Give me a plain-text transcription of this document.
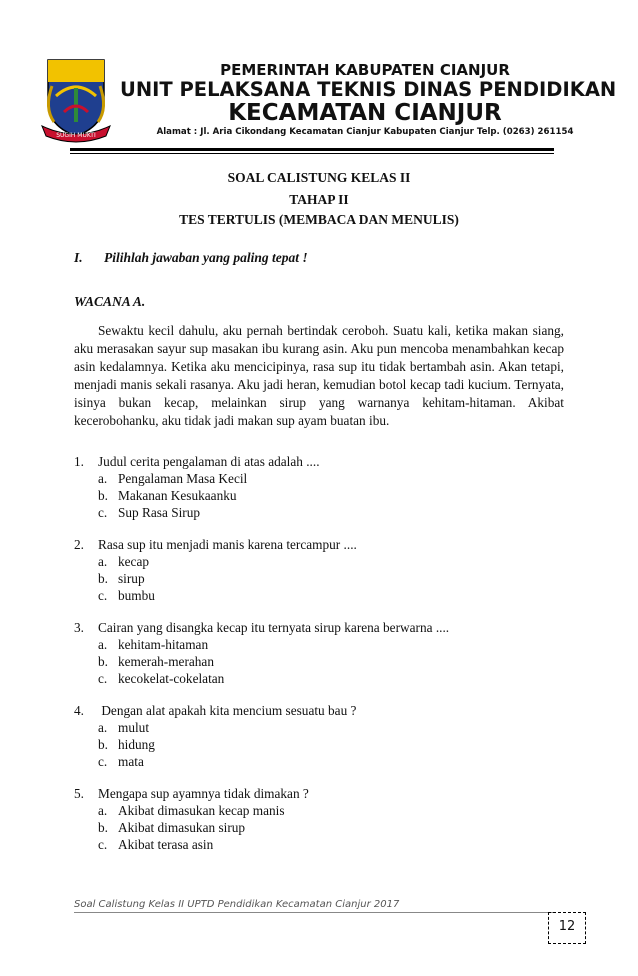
SUGIH MUKTI
PEMERINTAH KABUPATEN CIANJUR
UNIT PELAKSANA TEKNIS DINAS PENDIDIKAN
KECAMATAN CIANJUR
Alamat : Jl. Aria Cikondang Kecamatan Cianjur Kabupaten Cianjur Telp. (0263) 261154
SOAL CALISTUNG KELAS II
TAHAP II
TES TERTULIS (MEMBACA DAN MENULIS)
I. Pilihlah jawaban yang paling tepat !
WACANA A.
Sewaktu kecil dahulu, aku pernah bertindak ceroboh. Suatu kali, ketika makan siang, aku merasakan sayur sup masakan ibu kurang asin. Aku pun mencoba menambahkan kecap asin kedalamnya. Ketika aku mencicipinya, rasa sup itu tidak bertambah asin. Akan tetapi, menjadi manis sekali rasanya. Aku jadi heran, kemudian botol kecap tadi kucium. Ternyata, isinya bukan kecap, melainkan sirup yang warnanya kehitam-hitaman. Akibat kecerobohanku, aku tidak jadi makan sup ayam buatan ibu.
1. Judul cerita pengalaman di atas adalah ....
a. Pengalaman Masa Kecil
b. Makanan Kesukaanku
c. Sup Rasa Sirup
2. Rasa sup itu menjadi manis karena tercampur ....
a. kecap
b. sirup
c. bumbu
3. Cairan yang disangka kecap itu ternyata sirup karena berwarna ....
a. kehitam-hitaman
b. kemerah-merahan
c. kecokelat-cokelatan
4. Dengan alat apakah kita mencium sesuatu bau ?
a. mulut
b. hidung
c. mata
5. Mengapa sup ayamnya tidak dimakan ?
a. Akibat dimasukan kecap manis
b. Akibat dimasukan sirup
c. Akibat terasa asin
Soal Calistung Kelas II UPTD Pendidikan Kecamatan Cianjur 2017
12
